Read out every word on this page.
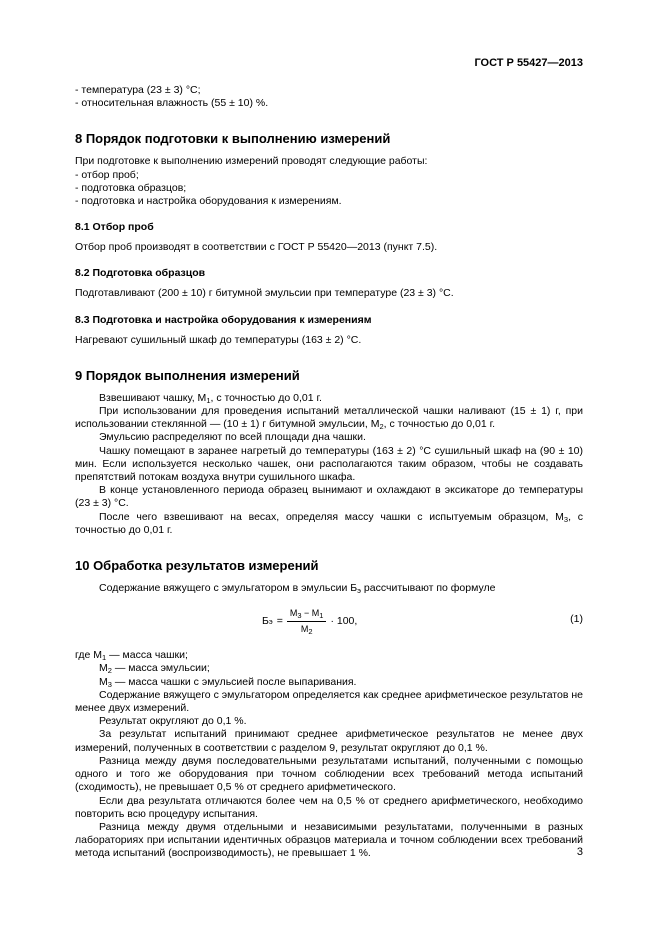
ГОСТ Р 55427—2013

- температура (23 ± 3) °С;

- относительная влажность (55 ± 10) %.

8 Порядок подготовки к выполнению измерений

При подготовке к выполнению измерений проводят следующие работы:

- отбор проб;

- подготовка образцов;

- подготовка и настройка оборудования к измерениям.

8.1 Отбор проб

Отбор проб производят в соответствии с ГОСТ Р 55420—2013 (пункт 7.5).

8.2 Подготовка образцов

Подготавливают (200 ± 10) г битумной эмульсии при температуре (23 ± 3) °С.

8.3 Подготовка и настройка оборудования к измерениям

Нагревают сушильный шкаф до температуры (163 ± 2) °С.

9 Порядок выполнения измерений

Взвешивают чашку, $М_1$, с точностью до 0,01 г.

При использовании для проведения испытаний металлической чашки наливают (15 ± 1) г, при использовании стеклянной — (10 ± 1) г битумной эмульсии, $М_2$, с точностью до 0,01 г.

Эмульсию распределяют по всей площади дна чашки.

Чашку помещают в заранее нагретый до температуры (163 ± 2) °С сушильный шкаф на (90 ± 10) мин. Если используется несколько чашек, они располагаются таким образом, чтобы не создавать препятствий потокам воздуха внутри сушильного шкафа.

В конце установленного периода образец вынимают и охлаждают в эксикаторе до температуры (23 ± 3) °С.

После чего взвешивают на весах, определяя массу чашки с испытуемым образцом, $М_3$, с точностью до 0,01 г.

10 Обработка результатов измерений

Содержание вяжущего с эмульгатором в эмульсии $Б_э$ рассчитывают по формуле

Б $э = \frac{М_3 - М_1}{М_2} \cdot 100$,	(1)

где $М_1$ — масса чашки;

$М_2$ — масса эмульсии;

$М_3$ — масса чашки с эмульсией после выпаривания.

Содержание вяжущего с эмульгатором определяется как среднее арифметическое результатов не менее двух измерений.

Результат округляют до 0,1 %.

За результат испытаний принимают среднее арифметическое результатов не менее двух измерений, полученных в соответствии с разделом 9, результат округляют до 0,1 %.

Разница между двумя последовательными результатами испытаний, полученными с помощью одного и того же оборудования при точном соблюдении всех требований метода испытаний (сходимость), не превышает 0,5 % от среднего арифметического.

Если два результата отличаются более чем на 0,5 % от среднего арифметического, необходимо повторить всю процедуру испытания.

Разница между двумя отдельными и независимыми результатами, полученными в разных лабораториях при испытании идентичных образцов материала и точном соблюдении всех требований метода испытаний (воспроизводимость), не превышает 1 %.	3
